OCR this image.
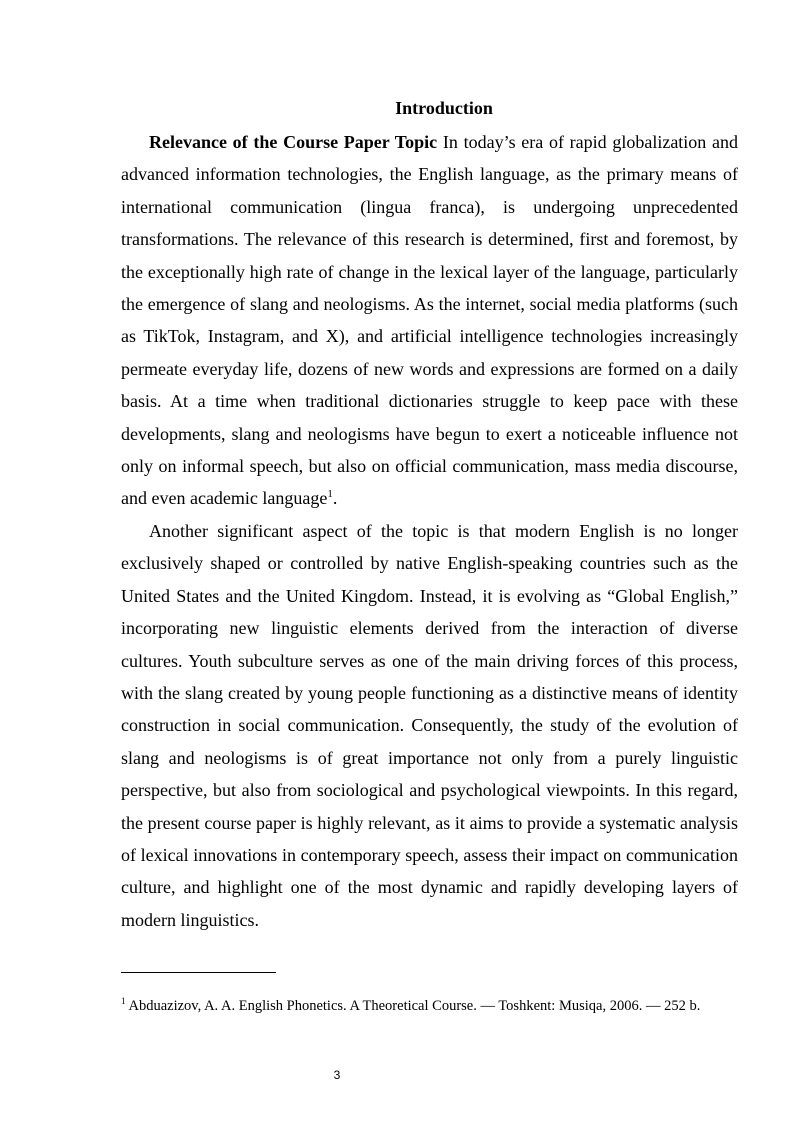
Introduction

Relevance of the Course Paper Topic In today’s era of rapid globalization and advanced information technologies, the English language, as the primary means of international communication (lingua franca), is undergoing unprecedented transformations. The relevance of this research is determined, first and foremost, by the exceptionally high rate of change in the lexical layer of the language, particularly the emergence of slang and neologisms. As the internet, social media platforms (such as TikTok, Instagram, and X), and artificial intelligence technologies increasingly permeate everyday life, dozens of new words and expressions are formed on a daily basis. At a time when traditional dictionaries struggle to keep pace with these developments, slang and neologisms have begun to exert a noticeable influence not only on informal speech, but also on official communication, mass media discourse, and even academic language$^1$.

Another significant aspect of the topic is that modern English is no longer exclusively shaped or controlled by native English-speaking countries such as the United States and the United Kingdom. Instead, it is evolving as “Global English,” incorporating new linguistic elements derived from the interaction of diverse cultures. Youth subculture serves as one of the main driving forces of this process, with the slang created by young people functioning as a distinctive means of identity construction in social communication. Consequently, the study of the evolution of slang and neologisms is of great importance not only from a purely linguistic perspective, but also from sociological and psychological viewpoints. In this regard, the present course paper is highly relevant, as it aims to provide a systematic analysis of lexical innovations in contemporary speech, assess their impact on communication culture, and highlight one of the most dynamic and rapidly developing layers of modern linguistics.

$^1$ Abduazizov, A. A. English Phonetics. A Theoretical Course. — Toshkent: Musiqa, 2006. — 252 b.
3
